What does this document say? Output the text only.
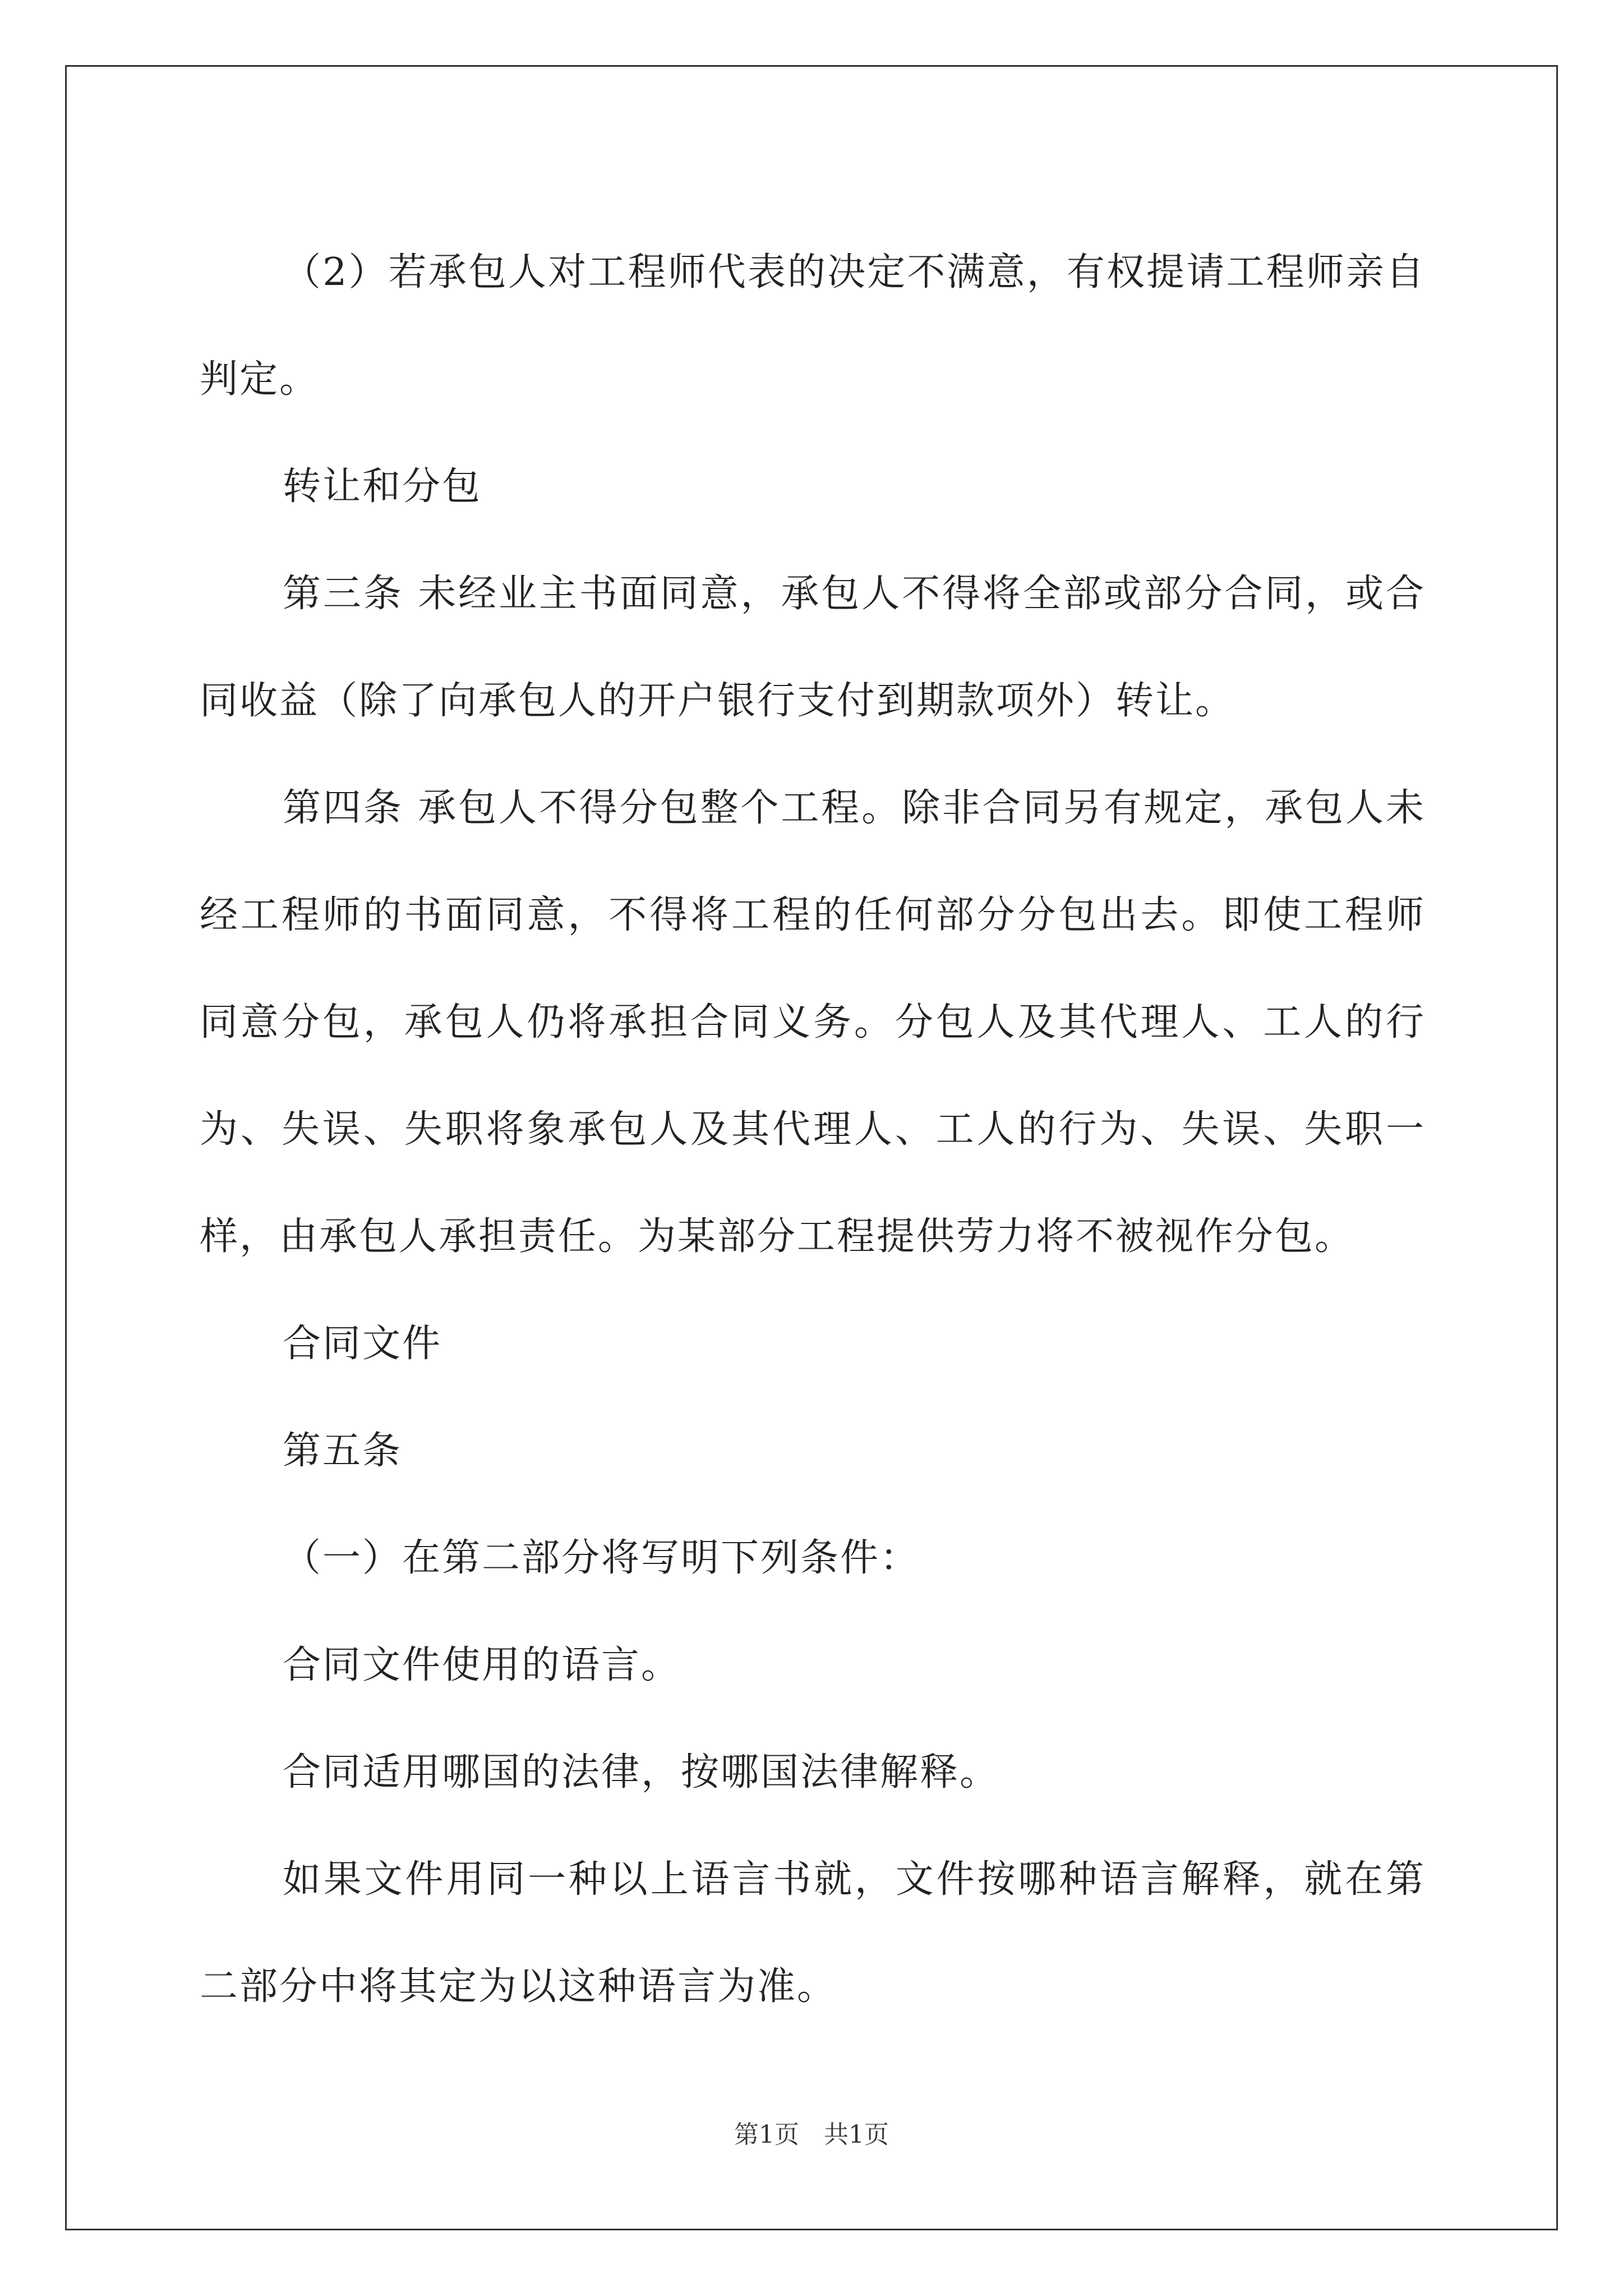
（2）若承包人对工程师代表的决定不满意，有权提请工程师亲自判定。

转让和分包

第三条 未经业主书面同意，承包人不得将全部或部分合同，或合同收益（除了向承包人的开户银行支付到期款项外）转让。

第四条 承包人不得分包整个工程。除非合同另有规定，承包人未经工程师的书面同意，不得将工程的任何部分分包出去。即使工程师同意分包，承包人仍将承担合同义务。分包人及其代理人、工人的行为、失误、失职将象承包人及其代理人、工人的行为、失误、失职一样，由承包人承担责任。为某部分工程提供劳力将不被视作分包。

合同文件

第五条

（一）在第二部分将写明下列条件：

合同文件使用的语言。

合同适用哪国的法律，按哪国法律解释。

如果文件用同一种以上语言书就，文件按哪种语言解释，就在第二部分中将其定为以这种语言为准。

第1页　共1页
